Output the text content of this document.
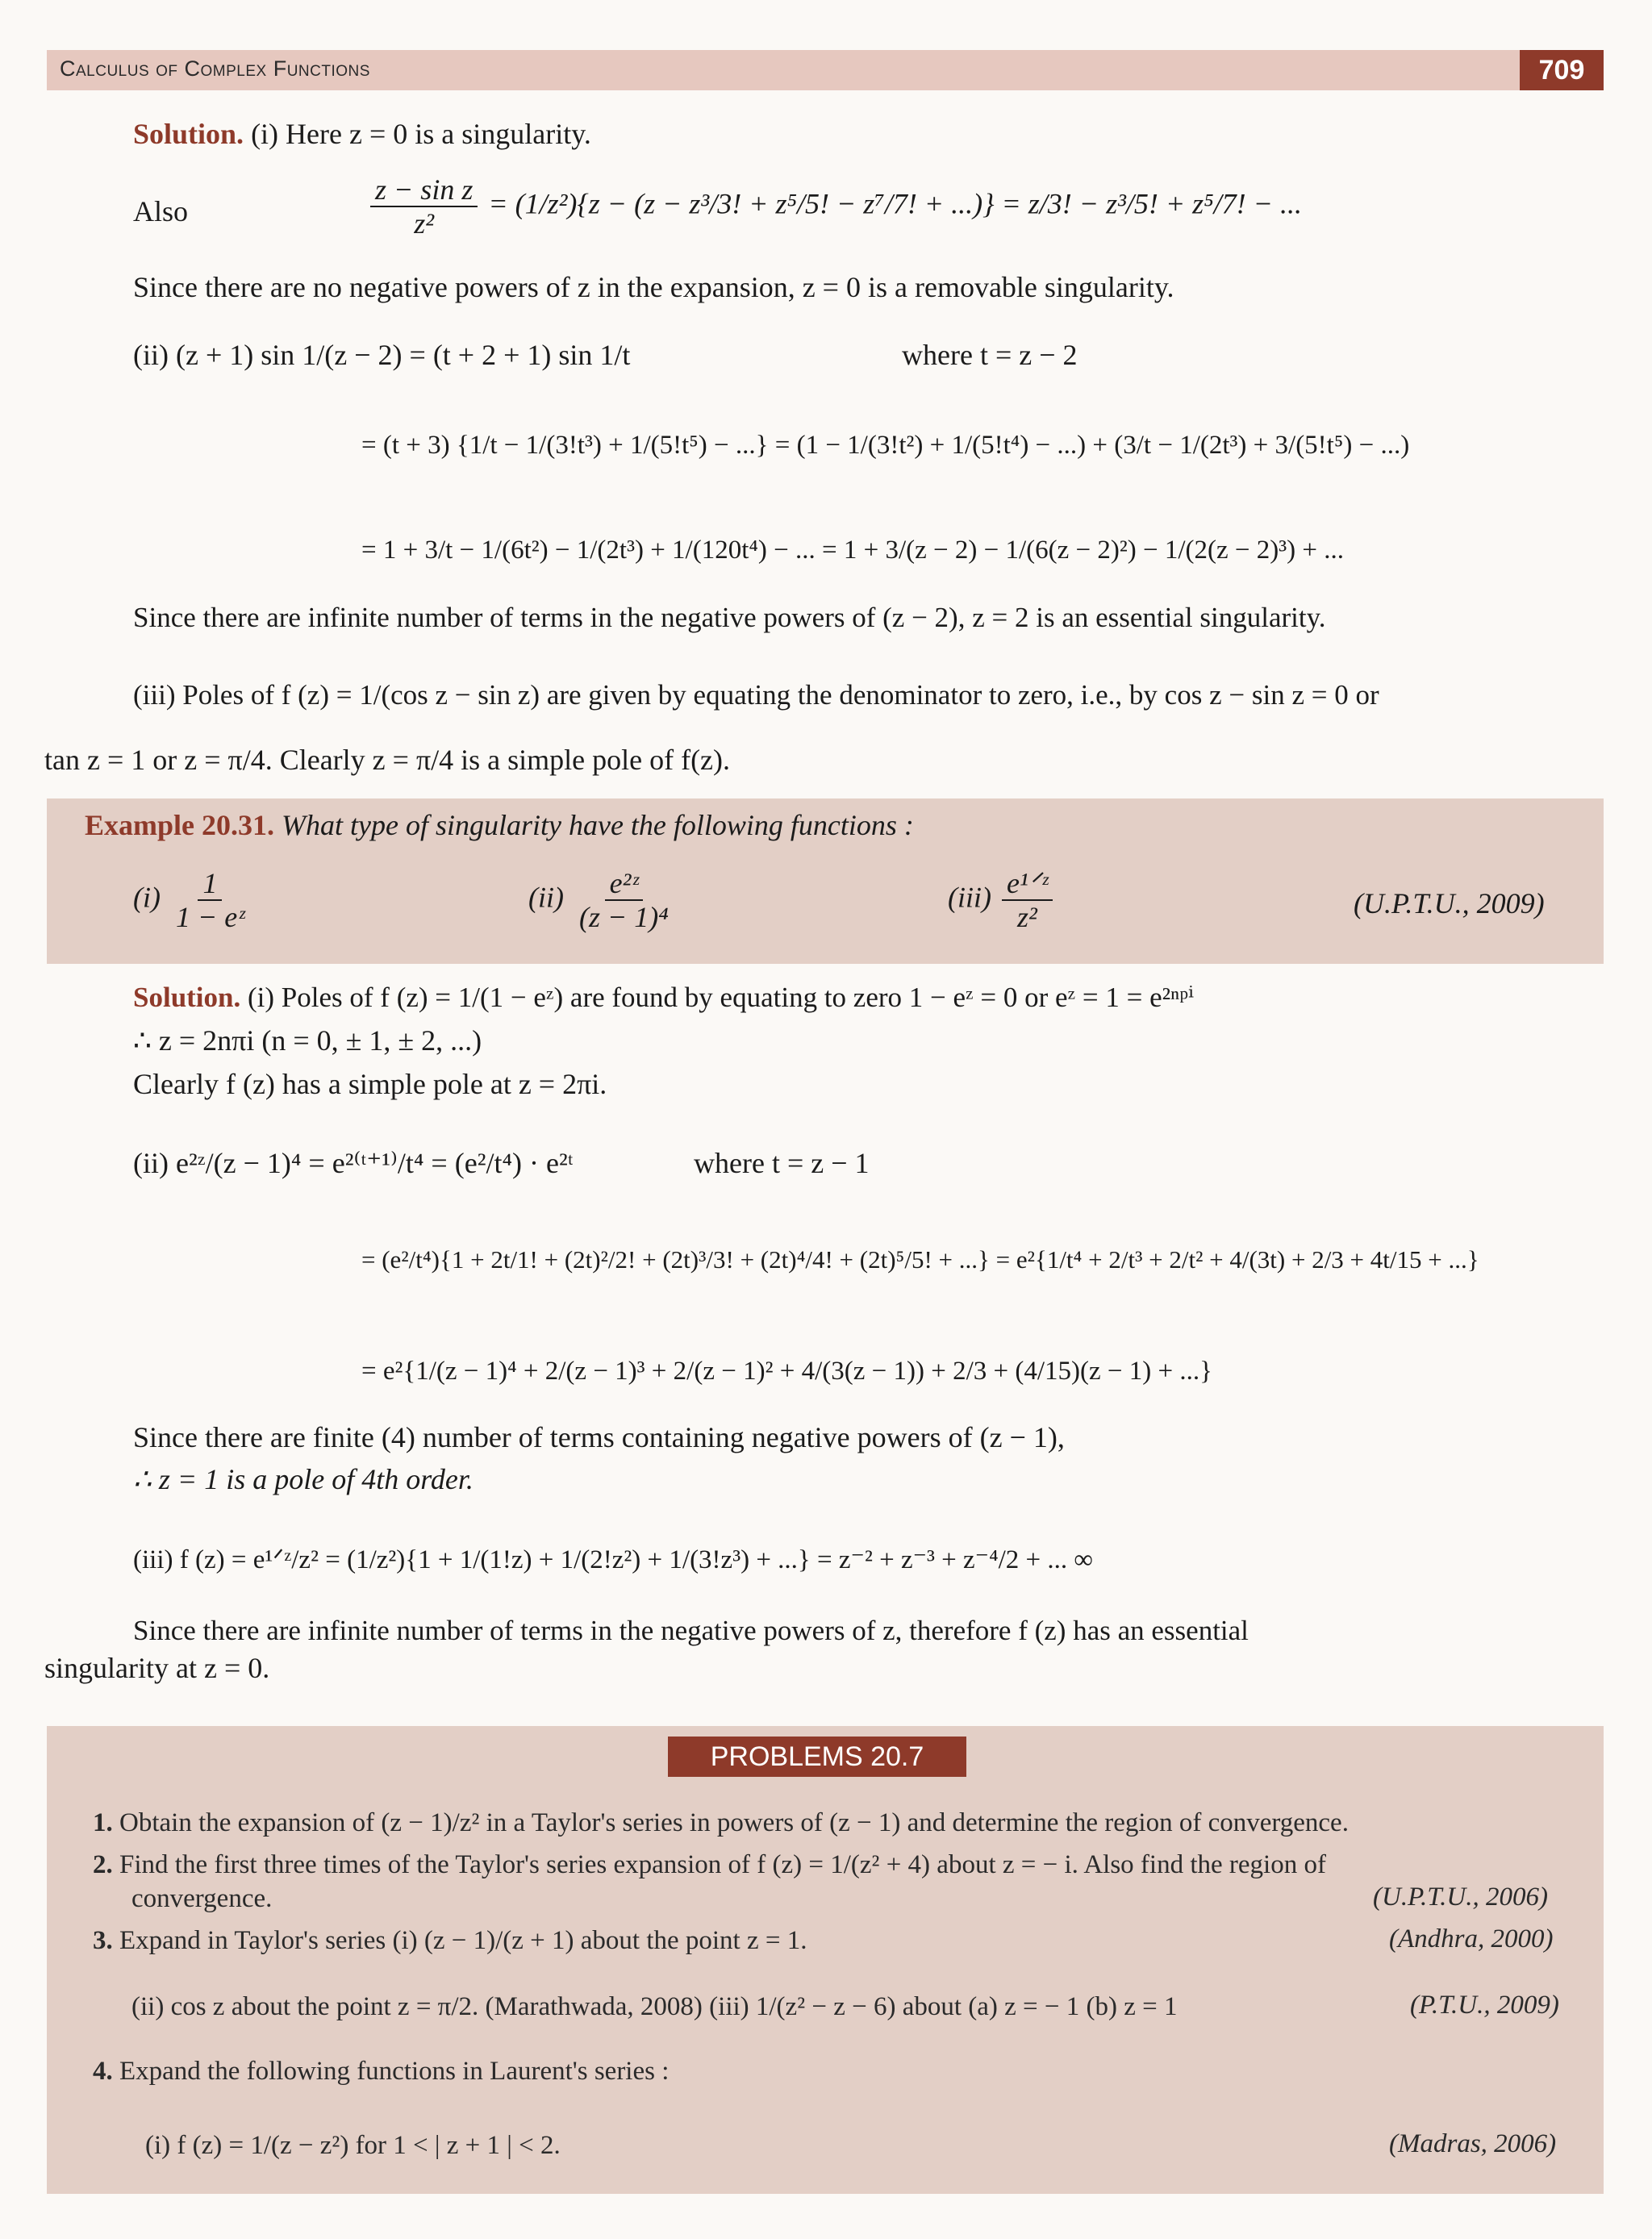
Calculus of Complex Functions	709
Solution. (i) Here z = 0 is a singularity.
Also	$\frac{\text{z − sin z}}{\text{z²}} = (1/z^2)\{z - (z - z^3/3$! + z⁵/5! − z⁷/7! + ...)} = z/3! − z³/5! + z⁵/7! − ...
Since there are no negative powers of z in the expansion, z = 0 is a removable singularity.
(ii) (z + 1) sin 1/(z − 2) = (t + 2 + 1) sin 1/t	where t = z − 2
= (t + 3) {1/t − 1/(3!t³) + 1/(5!t⁵) − ...} = (1 − 1/(3!t²) + 1/(5!t⁴) − ...) + (3/t − 1/(2t³) + 3/(5!t⁵) − ...)
= 1 + 3/t − 1/(6t²) − 1/(2t³) + 1/(120t⁴) − ... = 1 + 3/(z − 2) − 1/(6(z − 2)²) − 1/(2(z − 2)³) + ...
Since there are infinite number of terms in the negative powers of (z − 2), z = 2 is an essential singularity.
(iii) Poles of f (z) = 1/(cos z − sin z) are given by equating the denominator to zero, i.e., by cos z − sin z = 0 or
tan z = 1 or z = π/4. Clearly z = π/4 is a simple pole of f(z).
Example 20.31. What type of singularity have the following functions :
$(i) \frac{1}{\text{1 − eᶻ}}$	$(ii) \frac{\text{e²ᶻ}}{\text{(z − 1)⁴}}$	$(iii) \frac{\text{e¹ᐟᶻ}}{\text{z²}}$	(U.P.T.U., 2009)
Solution. (i) Poles of f (z) = 1/(1 − eᶻ) are found by equating to zero 1 − eᶻ = 0 or eᶻ = 1 = e²ⁿᵖⁱ
∴ z = 2nπi (n = 0, ± 1, ± 2, ...)
Clearly f (z) has a simple pole at z = 2πi.
(ii) e²ᶻ/(z − 1)⁴ = e²⁽ᵗ⁺¹⁾/t⁴ = (e²/t⁴) · e²ᵗ	where t = z − 1
= (e²/t⁴){1 + 2t/1! + (2t)²/2! + (2t)³/3! + (2t)⁴/4! + (2t)⁵/5! + ...} = e²{1/t⁴ + 2/t³ + 2/t² + 4/(3t) + 2/3 + 4t/15 + ...}
= e²{1/(z − 1)⁴ + 2/(z − 1)³ + 2/(z − 1)² + 4/(3(z − 1)) + 2/3 + (4/15)(z − 1) + ...}
Since there are finite (4) number of terms containing negative powers of (z − 1),
∴ z = 1 is a pole of 4th order.
(iii) f (z) = e¹ᐟᶻ/z² = (1/z²){1 + 1/(1!z) + 1/(2!z²) + 1/(3!z³) + ...} = z⁻² + z⁻³ + z⁻⁴/2 + ... ∞
Since there are infinite number of terms in the negative powers of z, therefore f (z) has an essential
singularity at z = 0.
PROBLEMS 20.7
1. Obtain the expansion of (z − 1)/z² in a Taylor's series in powers of (z − 1) and determine the region of convergence.
2. Find the first three times of the Taylor's series expansion of f (z) = 1/(z² + 4) about z = − i. Also find the region of
convergence.	(U.P.T.U., 2006)
3. Expand in Taylor's series (i) (z − 1)/(z + 1) about the point z = 1.	(Andhra, 2000)
(ii) cos z about the point z = π/2. (Marathwada, 2008) (iii) 1/(z² − z − 6) about (a) z = − 1 (b) z = 1	(P.T.U., 2009)
4. Expand the following functions in Laurent's series :
(i) f (z) = 1/(z − z²) for 1 < | z + 1 | < 2.	(Madras, 2006)
